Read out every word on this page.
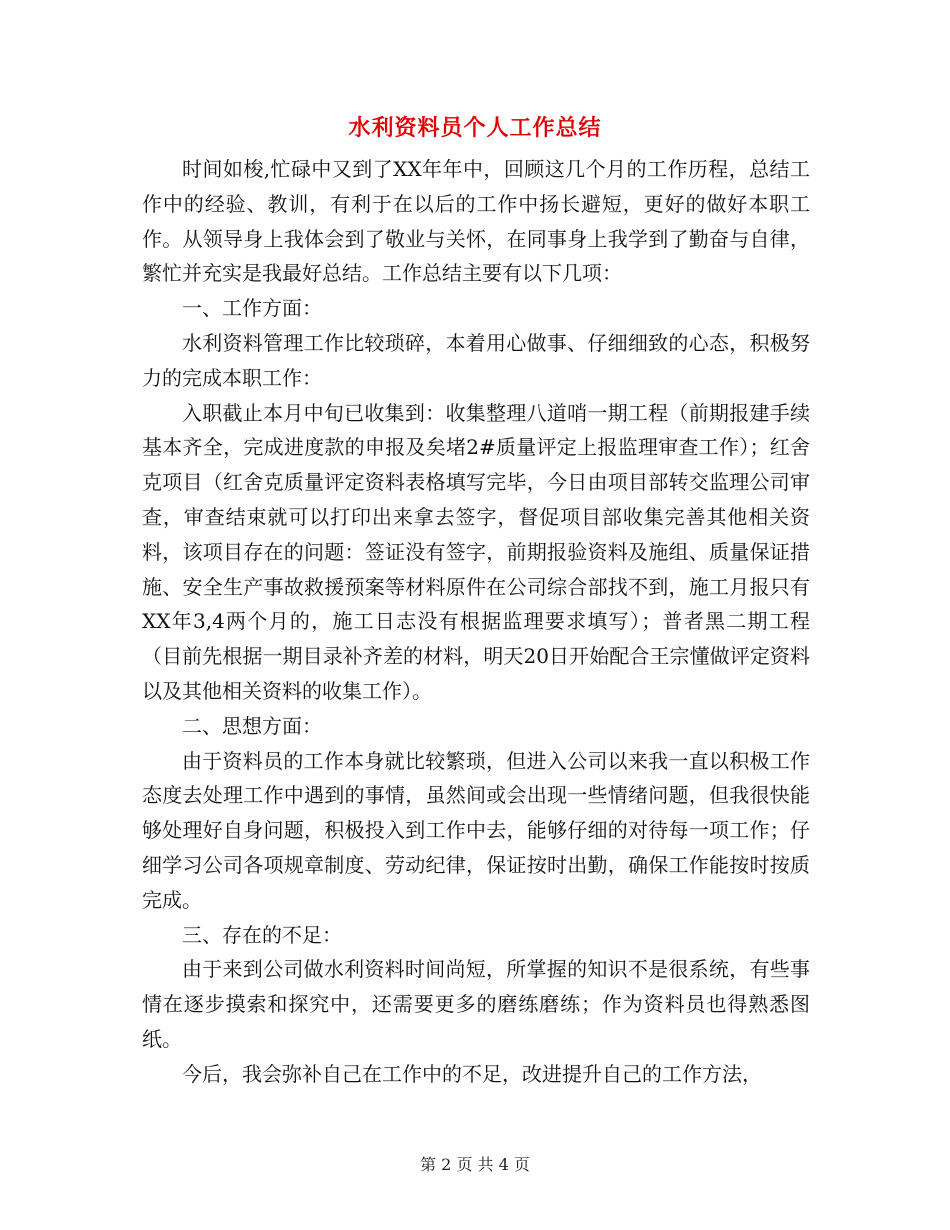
水利资料员个人工作总结

时间如梭,忙碌中又到了XX年年中，回顾这几个月的工作历程，总结工作中的经验、教训，有利于在以后的工作中扬长避短，更好的做好本职工作。从领导身上我体会到了敬业与关怀，在同事身上我学到了勤奋与自律，繁忙并充实是我最好总结。工作总结主要有以下几项：

一、工作方面：

水利资料管理工作比较琐碎，本着用心做事、仔细细致的心态，积极努力的完成本职工作：

入职截止本月中旬已收集到：收集整理八道哨一期工程（前期报建手续基本齐全，完成进度款的申报及矣堵2#质量评定上报监理审查工作）；红舍克项目（红舍克质量评定资料表格填写完毕，今日由项目部转交监理公司审查，审查结束就可以打印出来拿去签字，督促项目部收集完善其他相关资料，该项目存在的问题：签证没有签字，前期报验资料及施组、质量保证措施、安全生产事故救援预案等材料原件在公司综合部找不到，施工月报只有XX年3,4两个月的，施工日志没有根据监理要求填写）；普者黑二期工程（目前先根据一期目录补齐差的材料，明天20日开始配合王宗懂做评定资料以及其他相关资料的收集工作）。

二、思想方面：

由于资料员的工作本身就比较繁琐，但进入公司以来我一直以积极工作态度去处理工作中遇到的事情，虽然间或会出现一些情绪问题，但我很快能够处理好自身问题，积极投入到工作中去，能够仔细的对待每一项工作；仔细学习公司各项规章制度、劳动纪律，保证按时出勤，确保工作能按时按质完成。

三、存在的不足：

由于来到公司做水利资料时间尚短，所掌握的知识不是很系统，有些事情在逐步摸索和探究中，还需要更多的磨练磨练；作为资料员也得熟悉图纸。

今后，我会弥补自己在工作中的不足，改进提升自己的工作方法，

第 2 页 共 4 页
